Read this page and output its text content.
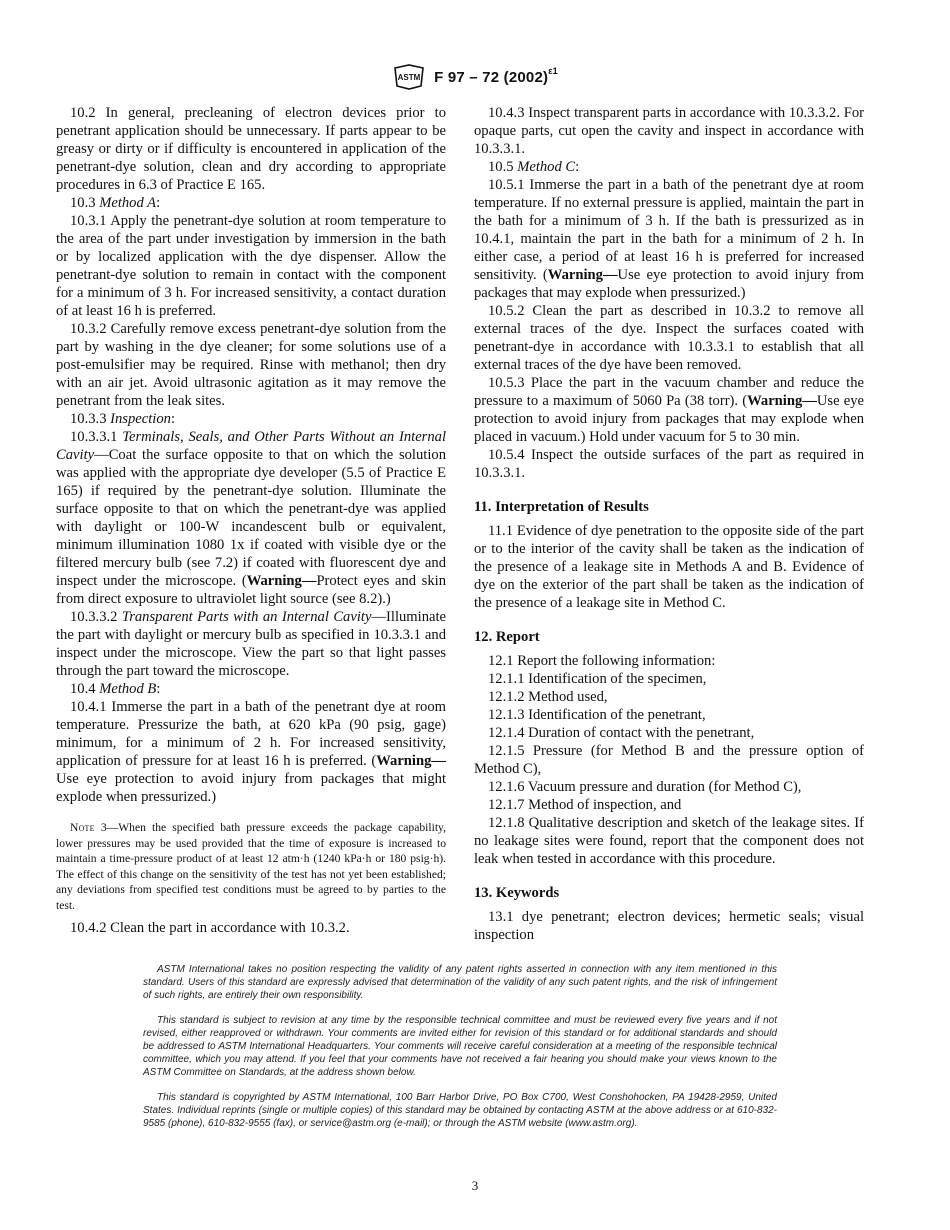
ASTM F 97 – 72 $(2002)^{\varepsilon 1}$

10.2 In general, precleaning of electron devices prior to penetrant application should be unnecessary. If parts appear to be greasy or dirty or if difficulty is encountered in application of the penetrant-dye solution, clean and dry according to appropriate procedures in 6.3 of Practice E 165.

10.3 Method A:

10.3.1 Apply the penetrant-dye solution at room temperature to the area of the part under investigation by immersion in the bath or by localized application with the dye dispenser. Allow the penetrant-dye solution to remain in contact with the component for a minimum of 3 h. For increased sensitivity, a contact duration of at least 16 h is preferred.

10.3.2 Carefully remove excess penetrant-dye solution from the part by washing in the dye cleaner; for some solutions use of a post-emulsifier may be required. Rinse with methanol; then dry with an air jet. Avoid ultrasonic agitation as it may remove the penetrant from the leak sites.

10.3.3 Inspection:

10.3.3.1 Terminals, Seals, and Other Parts Without an Internal Cavity—Coat the surface opposite to that on which the solution was applied with the appropriate dye developer (5.5 of Practice E 165) if required by the penetrant-dye solution. Illuminate the surface opposite to that on which the penetrant-dye was applied with daylight or 100-W incandescent bulb or equivalent, minimum illumination 1080 1x if coated with visible dye or the filtered mercury bulb (see 7.2) if coated with fluorescent dye and inspect under the microscope. (Warning—Protect eyes and skin from direct exposure to ultraviolet light source (see 8.2).)

10.3.3.2 Transparent Parts with an Internal Cavity—Illuminate the part with daylight or mercury bulb as specified in 10.3.3.1 and inspect under the microscope. View the part so that light passes through the part toward the microscope.

10.4 Method B:

10.4.1 Immerse the part in a bath of the penetrant dye at room temperature. Pressurize the bath, at 620 kPa (90 psig, gage) minimum, for a minimum of 2 h. For increased sensitivity, application of pressure for at least 16 h is preferred. (Warning—Use eye protection to avoid injury from packages that might explode when pressurized.)

Note 3—When the specified bath pressure exceeds the package capability, lower pressures may be used provided that the time of exposure is increased to maintain a time-pressure product of at least 12 atm·h (1240 kPa·h or 180 psig·h). The effect of this change on the sensitivity of the test has not yet been established; any deviations from specified test conditions must be agreed to by parties to the test.

10.4.2 Clean the part in accordance with 10.3.2.

10.4.3 Inspect transparent parts in accordance with 10.3.3.2. For opaque parts, cut open the cavity and inspect in accordance with 10.3.3.1.

10.5 Method C:

10.5.1 Immerse the part in a bath of the penetrant dye at room temperature. If no external pressure is applied, maintain the part in the bath for a minimum of 3 h. If the bath is pressurized as in 10.4.1, maintain the part in the bath for a minimum of 2 h. In either case, a period of at least 16 h is preferred for increased sensitivity. (Warning—Use eye protection to avoid injury from packages that may explode when pressurized.)

10.5.2 Clean the part as described in 10.3.2 to remove all external traces of the dye. Inspect the surfaces coated with penetrant-dye in accordance with 10.3.3.1 to establish that all external traces of the dye have been removed.

10.5.3 Place the part in the vacuum chamber and reduce the pressure to a maximum of 5060 Pa (38 torr). (Warning—Use eye protection to avoid injury from packages that may explode when placed in vacuum.) Hold under vacuum for 5 to 30 min.

10.5.4 Inspect the outside surfaces of the part as required in 10.3.3.1.

11. Interpretation of Results

11.1 Evidence of dye penetration to the opposite side of the part or to the interior of the cavity shall be taken as the indication of the presence of a leakage site in Methods A and B. Evidence of dye on the exterior of the part shall be taken as the indication of the presence of a leakage site in Method C.

12. Report

12.1 Report the following information:

12.1.1 Identification of the specimen,

12.1.2 Method used,

12.1.3 Identification of the penetrant,

12.1.4 Duration of contact with the penetrant,

12.1.5 Pressure (for Method B and the pressure option of Method C),

12.1.6 Vacuum pressure and duration (for Method C),

12.1.7 Method of inspection, and

12.1.8 Qualitative description and sketch of the leakage sites. If no leakage sites were found, report that the component does not leak when tested in accordance with this procedure.

13. Keywords

13.1 dye penetrant; electron devices; hermetic seals; visual inspection

ASTM International takes no position respecting the validity of any patent rights asserted in connection with any item mentioned in this standard. Users of this standard are expressly advised that determination of the validity of any such patent rights, and the risk of infringement of such rights, are entirely their own responsibility.

This standard is subject to revision at any time by the responsible technical committee and must be reviewed every five years and if not revised, either reapproved or withdrawn. Your comments are invited either for revision of this standard or for additional standards and should be addressed to ASTM International Headquarters. Your comments will receive careful consideration at a meeting of the responsible technical committee, which you may attend. If you feel that your comments have not received a fair hearing you should make your views known to the ASTM Committee on Standards, at the address shown below.

This standard is copyrighted by ASTM International, 100 Barr Harbor Drive, PO Box C700, West Conshohocken, PA 19428-2959, United States. Individual reprints (single or multiple copies) of this standard may be obtained by contacting ASTM at the above address or at 610-832-9585 (phone), 610-832-9555 (fax), or service@astm.org (e-mail); or through the ASTM website (www.astm.org).

3
